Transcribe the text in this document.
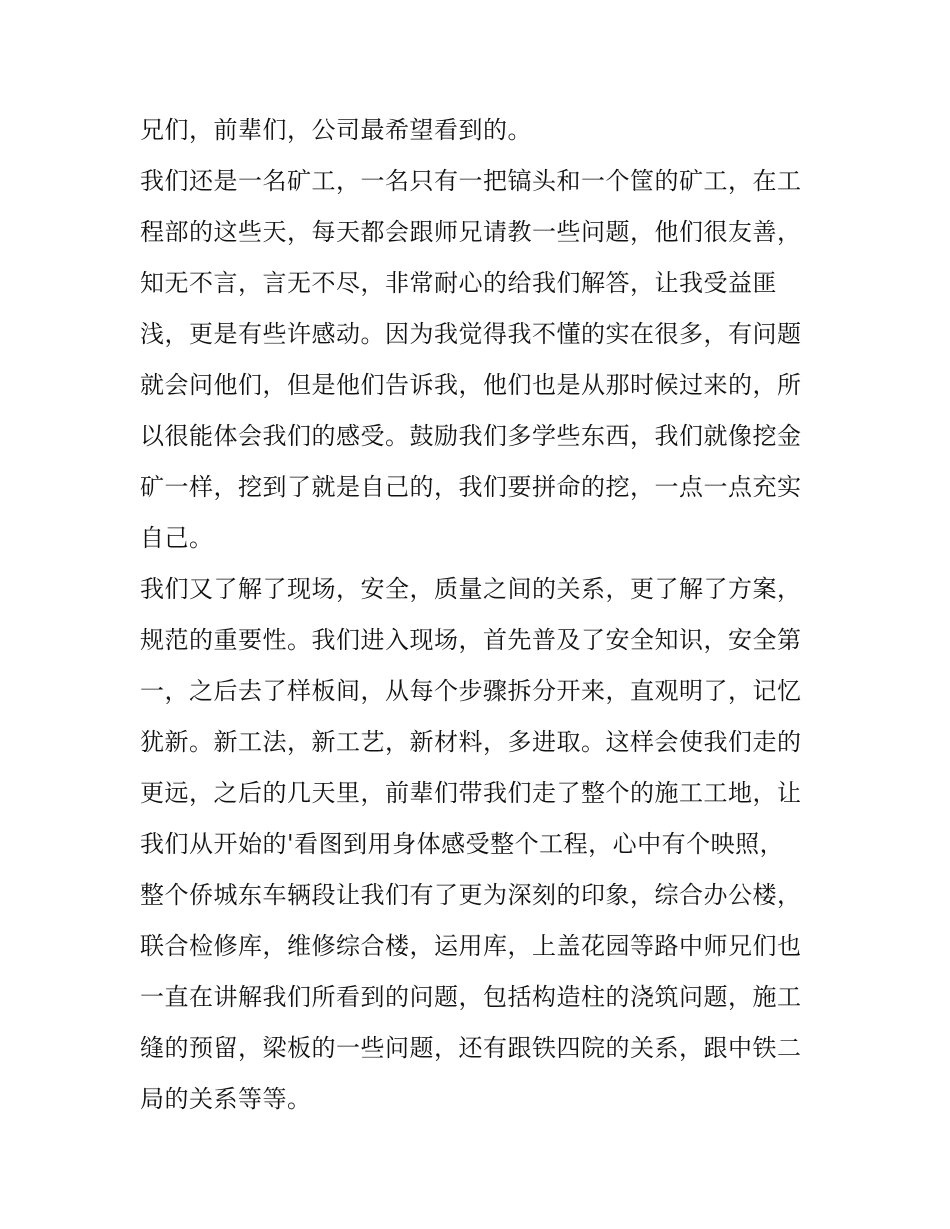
兄们，前辈们，公司最希望看到的。
我们还是一名矿工，一名只有一把镐头和一个筐的矿工，在工
程部的这些天，每天都会跟师兄请教一些问题，他们很友善，
知无不言，言无不尽，非常耐心的给我们解答，让我受益匪
浅，更是有些许感动。因为我觉得我不懂的实在很多，有问题
就会问他们，但是他们告诉我，他们也是从那时候过来的，所
以很能体会我们的感受。鼓励我们多学些东西，我们就像挖金
矿一样，挖到了就是自己的，我们要拼命的挖，一点一点充实
自己。
我们又了解了现场，安全，质量之间的关系，更了解了方案，
规范的重要性。我们进入现场，首先普及了安全知识，安全第
一，之后去了样板间，从每个步骤拆分开来，直观明了，记忆
犹新。新工法，新工艺，新材料，多进取。这样会使我们走的
更远，之后的几天里，前辈们带我们走了整个的施工工地，让
我们从开始的'看图到用身体感受整个工程，心中有个映照，
整个侨城东车辆段让我们有了更为深刻的印象，综合办公楼，
联合检修库，维修综合楼，运用库，上盖花园等路中师兄们也
一直在讲解我们所看到的问题，包括构造柱的浇筑问题，施工
缝的预留，梁板的一些问题，还有跟铁四院的关系，跟中铁二
局的关系等等。
